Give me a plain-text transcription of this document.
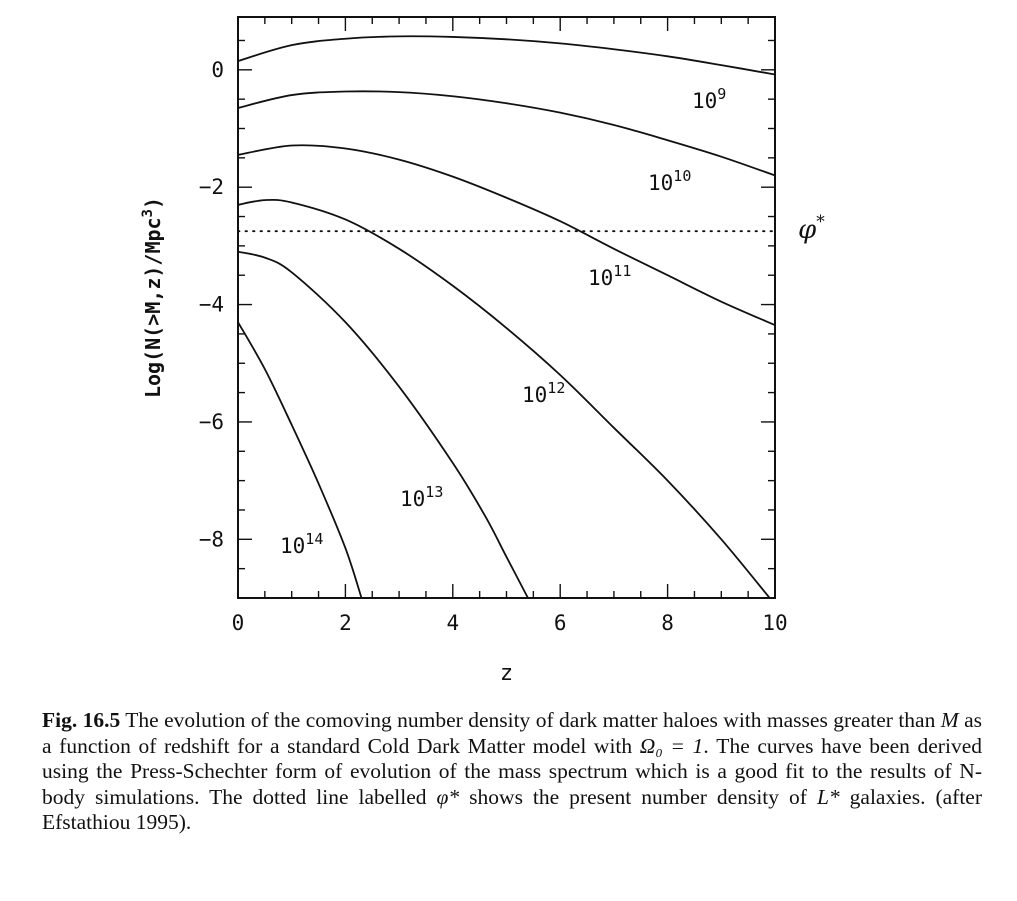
φ*
$10^9$
$10^{10}$
$10^{11}$
$10^{12}$
$10^{13}$
$10^{14}$
0	2	4	6	8	10
0
−2
−4
−6
−8
z
Log(N(>M,z)/Mpc$^3$)
Fig. 16.5 The evolution of the comoving number density of dark matter haloes with masses greater than M as a function of redshift for a standard Cold Dark Matter model with Ω₀ = 1. The curves have been derived using the Press-Schechter form of evolution of the mass spectrum which is a good fit to the results of N-body simulations. The dotted line labelled φ* shows the present number density of L* galaxies. (after Efstathiou 1995).
